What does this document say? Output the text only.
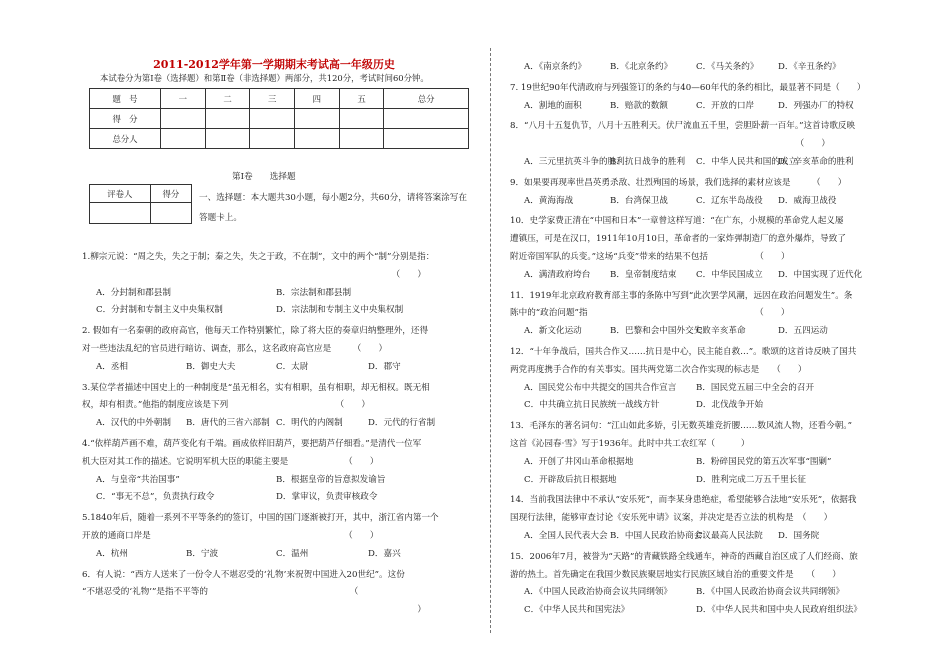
2011-2012学年第一学期期末考试高一年级历史
本试卷分为第Ⅰ卷（选择题）和第Ⅱ卷（非选择题）两部分，共120分，考试时间60分钟。
题　号	一	二	三	四	五	总分
得　分						
总分人						
第Ⅰ卷　　选择题
评卷人	得分
	一、选择题：本大题共30小题，每小题2分，共60分，请将答案涂写在答题卡上。
1.柳宗元说：“周之失，失之于制；秦之失，失之于政，不在制”，文中的两个“制”分别是指：
（　　）
A．分封制和郡县制	B．宗法制和郡县制
C．分封制和专制主义中央集权制	D．宗法制和专制主义中央集权制
2. 假如有一名秦朝的政府高官，他每天工作特别繁忙，除了将大臣的奏章归纳整理外，还得
对一些违法乱纪的官员进行暗访、调查，那么，这名政府高官应是　　　（　　）
A．丞相	B．御史大夫	C．太尉	D．郡守
3.某位学者描述中国史上的一种制度是“虽无相名，实有相职，虽有相职，却无相权。既无相
权，却有相责。”他指的制度应该是下列　　　　　　　　　　　　　（　　）
A．汉代的中外朝制 B．唐代的三省六部制 C．明代的内阁制	D．元代的行省制
4.“依样葫芦画不难，葫芦变化有千端。画成依样旧葫芦，要把葫芦仔细看。”是清代一位军
机大臣对其工作的描述。它说明军机大臣的职能主要是　　　　　　　（　　）
A．与皇帝“共治国事”	B．根据皇帝的旨意拟发谕旨
C．“事无不总”，负责执行政令	D．掌审议，负责审核政令
5.1840年后，随着一系列不平等条约的签订，中国的国门逐渐被打开，其中，浙江省内第一个
开放的通商口岸是　　　　　　　　　　　　　　　　　　　　　　　（　　）
A．杭州	B．宁波	C．温州	D．嘉兴
6．有人说：“西方人送来了一份令人不堪忍受的‘礼物’来祝贺中国进入20世纪”。这份
“不堪忍受的‘礼物’”是指不平等的　　　　　　　　　　　　　　　　　（
）
A．《南京条约》	B．《北京条约》	C．《马关条约》 D．《辛丑条约》
7. 19世纪90年代清政府与列强签订的条约与40—60年代的条约相比，最显著不同是（　　）
A．割地的面积	B．赔款的数额	C．开放的口岸	D．列强办厂的特权
8．“八月十五复仇节，八月十五胜利天。伏尸流血五千里，尝胆卧薪一百年。”这首诗歌反映
（　　）
A．三元里抗英斗争的胜利
B．抗日战争的胜利 C．中华人民共和国的成立
D．辛亥革命的胜利
9．如果要再现率世昌英勇杀敌、壮烈殉国的场景，我们选择的素材应该是　　　（　　）
A．黄海海战	B．台湾保卫战	C．辽东半岛战役 D．威海卫战役
10．史学家费正清在“中国和日本”一章曾这样写道：“在广东，小规模的革命党人起义屡
遭镇压，可是在汉口，1911年10月10日，革命者的一家炸弹制造厂的意外爆炸，导致了
附近帝国军队的兵变。”这场“兵变”带来的结果不包括　　　　　　（　　）
A．满清政府垮台 B．皇帝制度结束 C．中华民国成立 D．中国实现了近代化
11．1919年北京政府教育部主事的条陈中写到“此次罢学风潮，远因在政治问题发生”。条
陈中的“政治问题”指　　　　　　　　　　　　　　　　　　　　（　　）
A．新文化运动	B．巴黎和会中国外交失败
C．辛亥革命	D．五四运动
12．“十年争战后，国共合作又……抗日是中心，民主能自救…”。歌颂的这首诗反映了国共
两党再度携手合作的有关事实。国共两党第二次合作实现的标志是　　（　　）
A．国民党公布中共提交的国共合作宣言 B．国民党五届三中全会的召开
C．中共确立抗日民族统一战线方针	D．北伐战争开始
13．毛泽东的著名词句：“江山如此多娇，引无数英雄竞折腰……数风流人物，还看今朝。”
这首《沁园春·雪》写于1936年。此时中共工农红军（　　　）
A．开创了井冈山革命根据地	B．粉碎国民党的第五次军事“围剿”
C．开辟敌后抗日根据地	D．胜利完成二万五千里长征
14．当前我国法律中不承认“安乐死”，而李某身患绝症，希望能够合法地“安乐死”，依据我
国现行法律，能够审查讨论《安乐死申请》议案，并决定是否立法的机构是　（　　）
A．全国人民代表大会 B．中国人民政治协商会议
C．最高人民法院 D．国务院
15．2006年7月，被誉为“天路”的青藏铁路全线通车，神奇的西藏自治区成了人们经商、旅
游的热土。首先确定在我国少数民族聚居地实行民族区域自治的重要文件是　　（　　）
A．《中国人民政治协商会议共同纲领》	B．《中国人民政治协商会议共同纲领》
C．《中华人民共和国宪法》	D．《中华人民共和国中央人民政府组织法》
